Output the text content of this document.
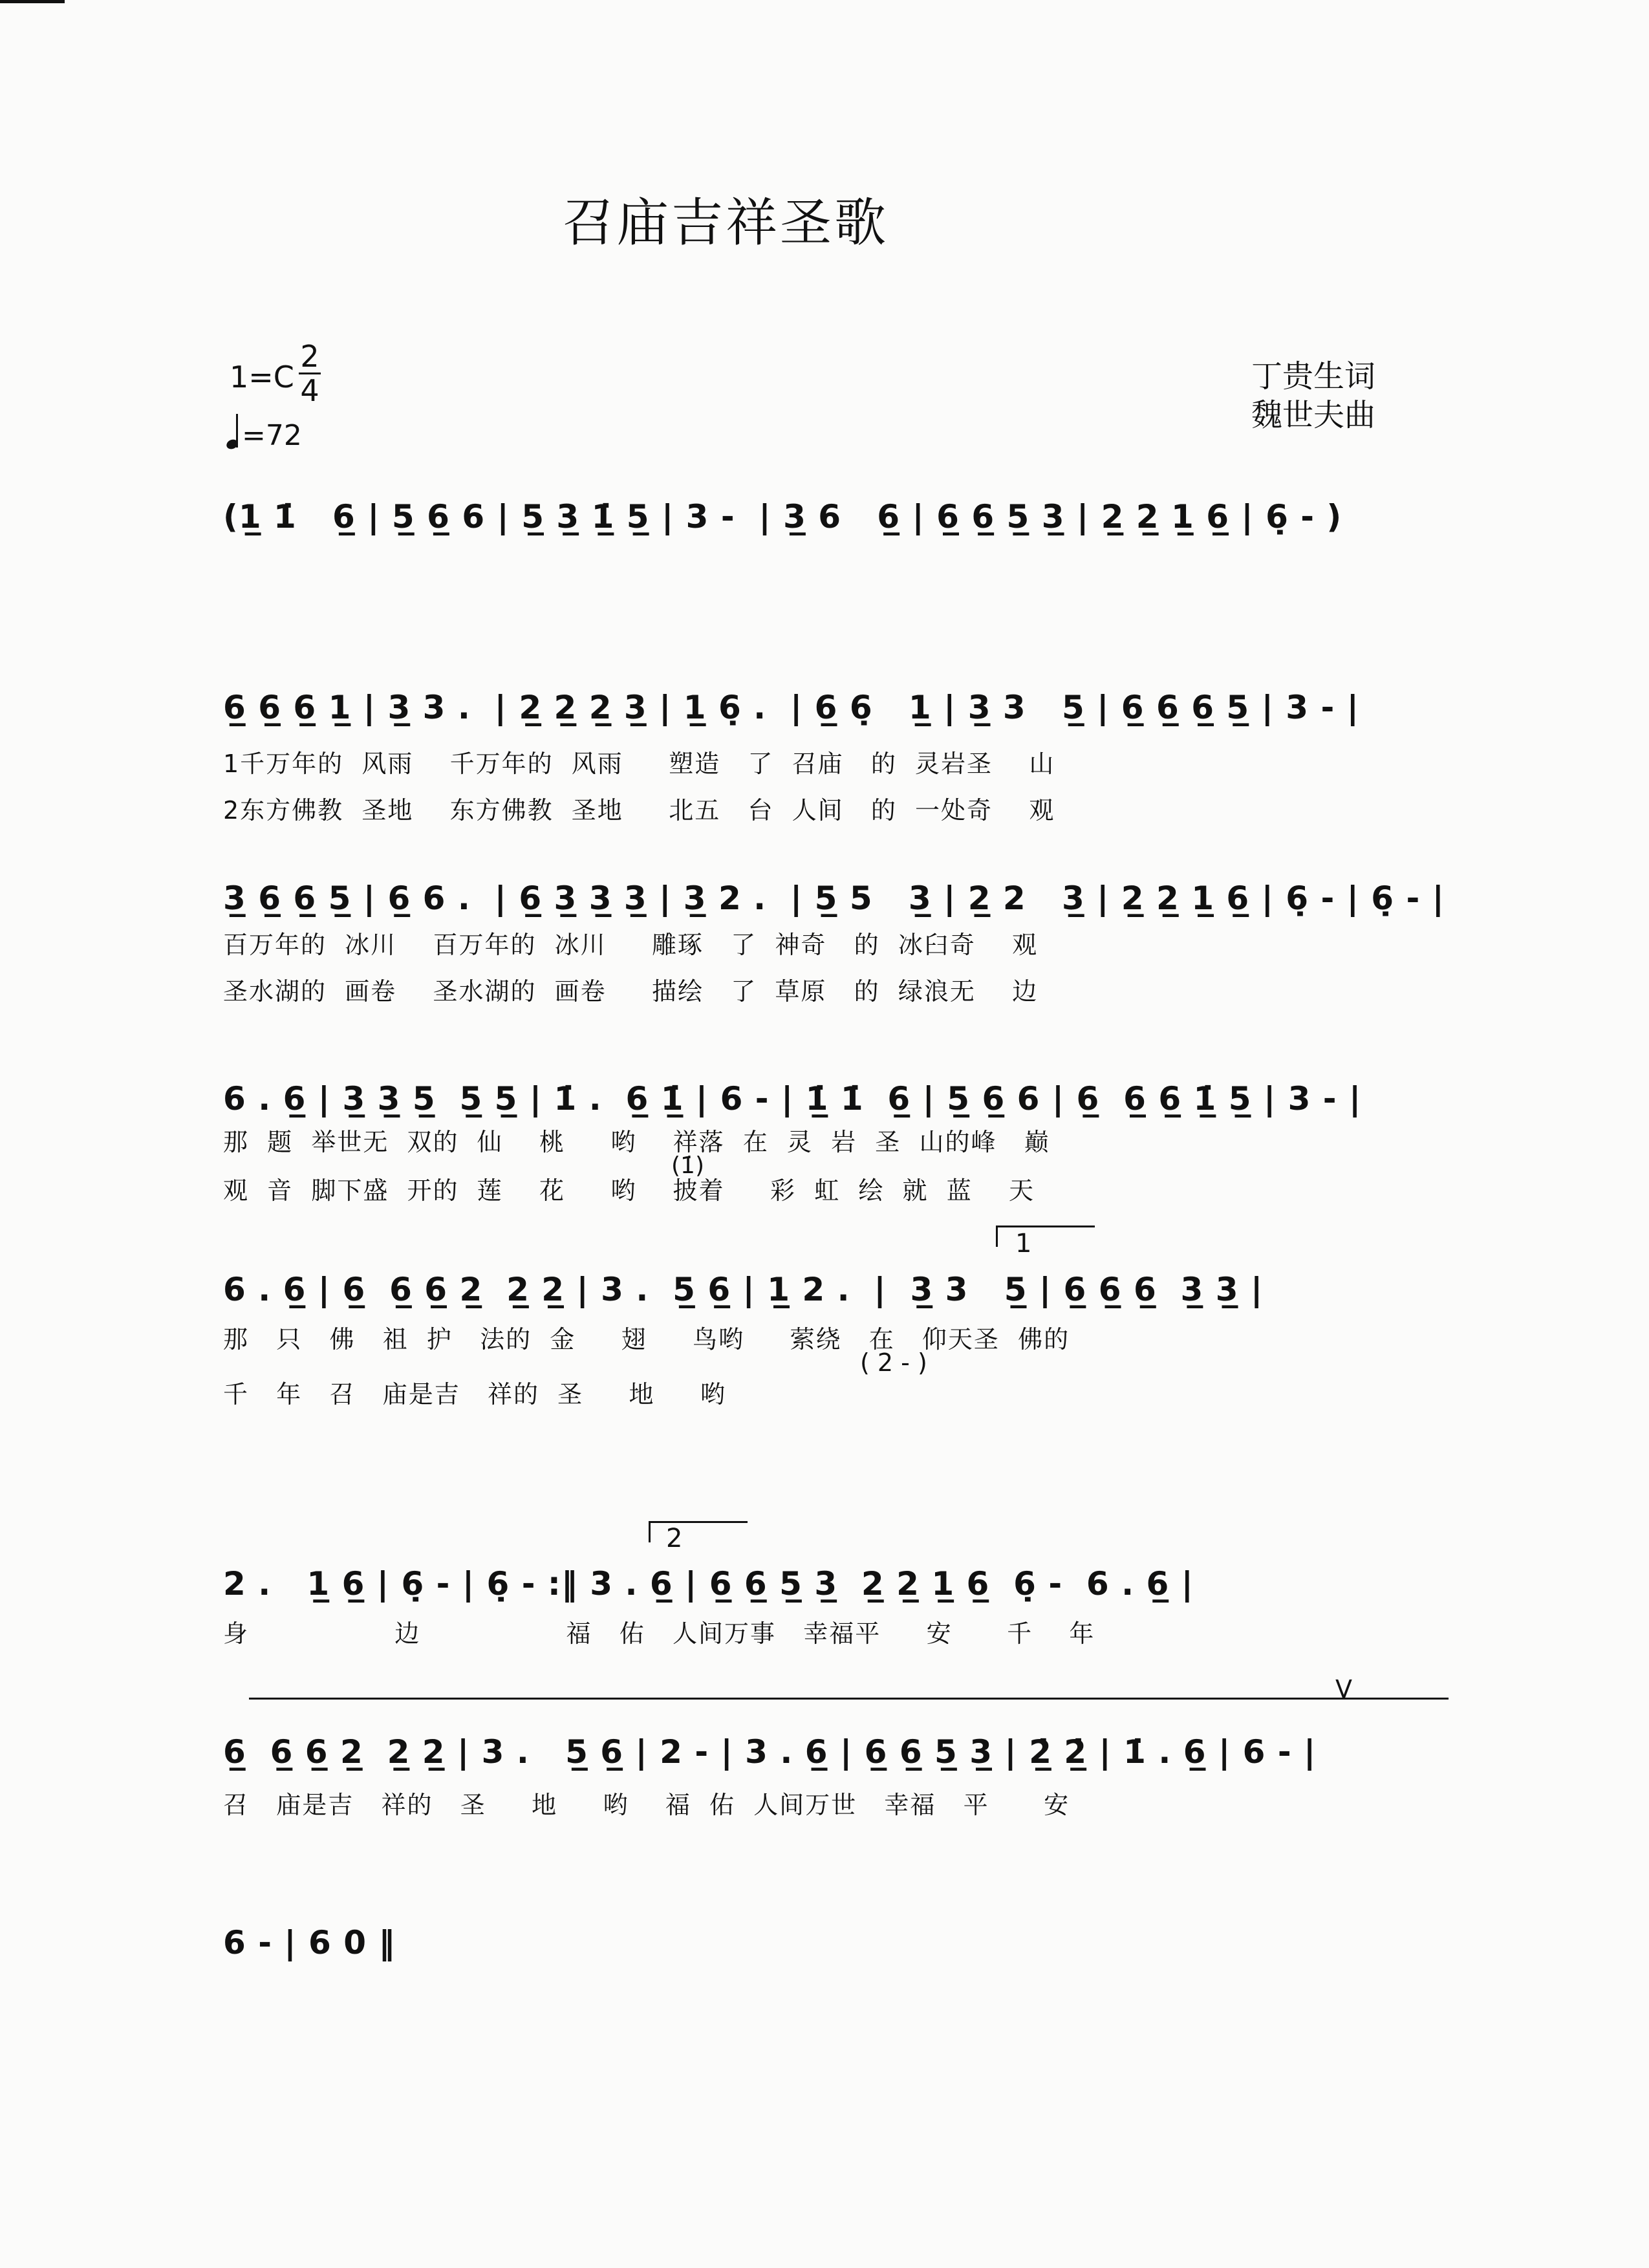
召庙吉祥圣歌
1=C
2
4
=72
丁贵生词
魏世夫曲
(1̲ 1̇   6̲ | 5̲ 6̲ 6 | 5̲ 3̲ 1̲̇ 5̲ | 3 -  | 3̲ 6   6̲ | 6̲ 6̲ 5̲ 3̲ | 2̲ 2̲ 1̲ 6̲ | 6̣ - )
6̲ 6̲ 6̲ 1̲ | 3̲ 3 .  | 2̲ 2̲ 2̲ 3̲ | 1̲ 6̣ .  | 6̲ 6̣   1̲ | 3̲ 3   5̲ | 6̲ 6̲ 6̲ 5̲ | 3 - |
1千万年的  风雨    千万年的  风雨     塑造   了  召庙   的  灵岩圣    山
2东方佛教  圣地    东方佛教  圣地     北五   台  人间   的  一处奇    观
3̲ 6̲ 6̲ 5̲ | 6̲ 6 .  | 6̲ 3̲ 3̲ 3̲ | 3̲ 2 .  | 5̲ 5   3̲ | 2̲ 2   3̲ | 2̲ 2̲ 1̲ 6̲ | 6̣ - | 6̣ - |
百万年的  冰川    百万年的  冰川     雕琢   了  神奇   的  冰臼奇    观
圣水湖的  画卷    圣水湖的  画卷     描绘   了  草原   的  绿浪无    边
6 . 6̲ | 3̲ 3̲ 5̲  5̲ 5̲ | 1̇ .  6̲ 1̲̇ | 6 - | 1̲̇ 1̇  6̲ | 5̲ 6̲ 6 | 6̲  6̲ 6̲ 1̲̇ 5̲ | 3 - |
那  题  举世无  双的  仙    桃     哟    祥落  在  灵  岩  圣  山的峰   巅
观  音  脚下盛  开的  莲    花     哟    披着     彩  虹  绘  就  蓝    天
(1̇)
1
6 . 6̲ | 6̲  6̲ 6̲ 2̲  2̲ 2̲ | 3 .  5̲ 6̲ | 1̲ 2 .  |  3̲ 3   5̲ | 6̲ 6̲ 6̲  3̲ 3̲ |
那   只   佛   祖  护   法的  金     翅     鸟哟     萦绕   在   仰天圣  佛的
千   年   召   庙是吉   祥的  圣     地     哟
( 2 - )
2
2 .   1̲ 6̲ | 6̣ - | 6̣ - :‖ 3 . 6̲ | 6̲ 6̲ 5̲ 3̲  2̲ 2̲ 1̲ 6̲  6̣ -  6 . 6̲ |
身                边                福   佑   人间万事   幸福平     安      千    年
V
6̲  6̲ 6̲ 2̲  2̲ 2̲ | 3 .   5̲ 6̲ | 2 - | 3 . 6̲ | 6̲ 6̲ 5̲ 3̲ | 2̲̇ 2̲̇ | 1̇ . 6̲ | 6 - |
召   庙是吉   祥的   圣     地     哟    福  佑  人间万世   幸福   平      安
6 - | 6 0 ‖
